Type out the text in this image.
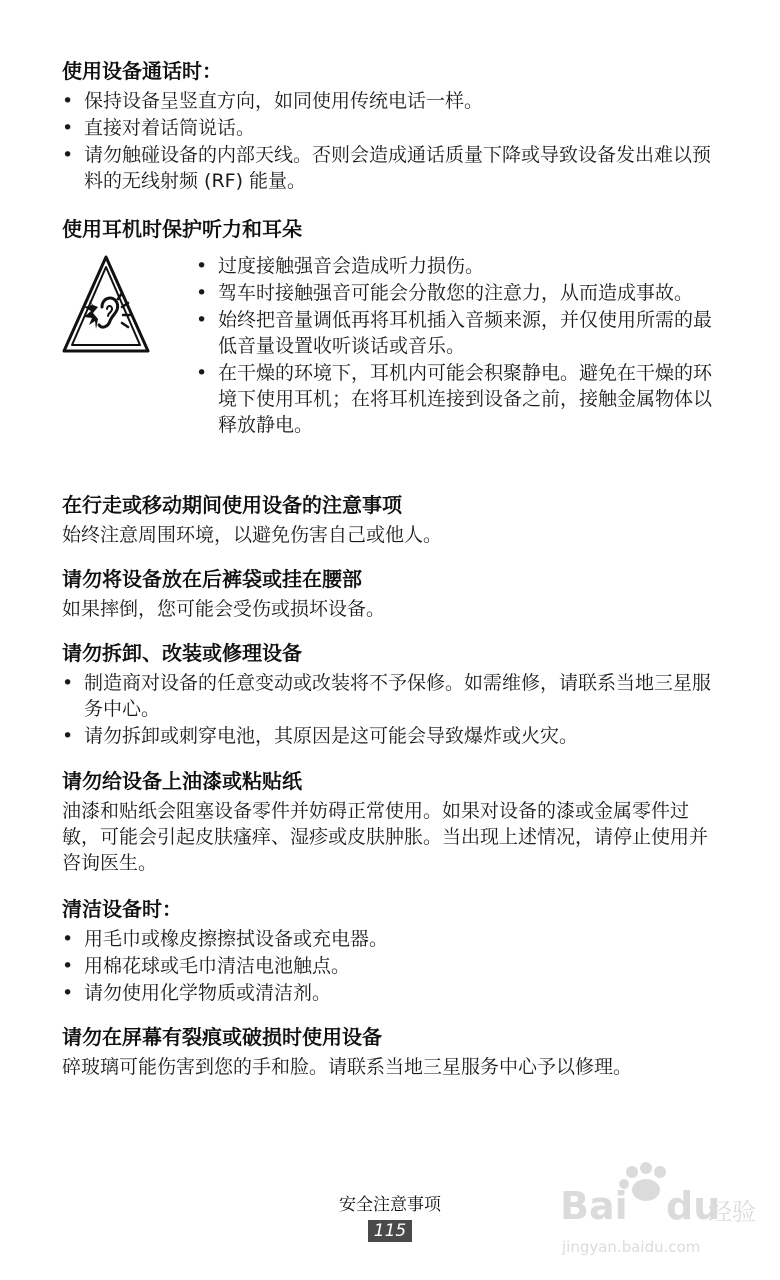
使用设备通话时：
• 保持设备呈竖直方向，如同使用传统电话一样。
• 直接对着话筒说话。
• 请勿触碰设备的内部天线。否则会造成通话质量下降或导致设备发出难以预料的无线射频 (RF) 能量。
使用耳机时保护听力和耳朵
• 过度接触强音会造成听力损伤。
• 驾车时接触强音可能会分散您的注意力，从而造成事故。
• 始终把音量调低再将耳机插入音频来源，并仅使用所需的最低音量设置收听谈话或音乐。
• 在干燥的环境下，耳机内可能会积聚静电。避免在干燥的环境下使用耳机；在将耳机连接到设备之前，接触金属物体以释放静电。
在行走或移动期间使用设备的注意事项

始终注意周围环境，以避免伤害自己或他人。

请勿将设备放在后裤袋或挂在腰部

如果摔倒，您可能会受伤或损坏设备。

请勿拆卸、改装或修理设备
• 制造商对设备的任意变动或改装将不予保修。如需维修，请联系当地三星服务中心。
• 请勿拆卸或刺穿电池，其原因是这可能会导致爆炸或火灾。
请勿给设备上油漆或粘贴纸

油漆和贴纸会阻塞设备零件并妨碍正常使用。如果对设备的漆或金属零件过敏，可能会引起皮肤瘙痒、湿疹或皮肤肿胀。当出现上述情况，请停止使用并咨询医生。

清洁设备时：
• 用毛巾或橡皮擦擦拭设备或充电器。
• 用棉花球或毛巾清洁电池触点。
• 请勿使用化学物质或清洁剂。
请勿在屏幕有裂痕或破损时使用设备

碎玻璃可能伤害到您的手和脸。请联系当地三星服务中心予以修理。

安全注意事项
115
Bai du
经验
jingyan.baidu.com
